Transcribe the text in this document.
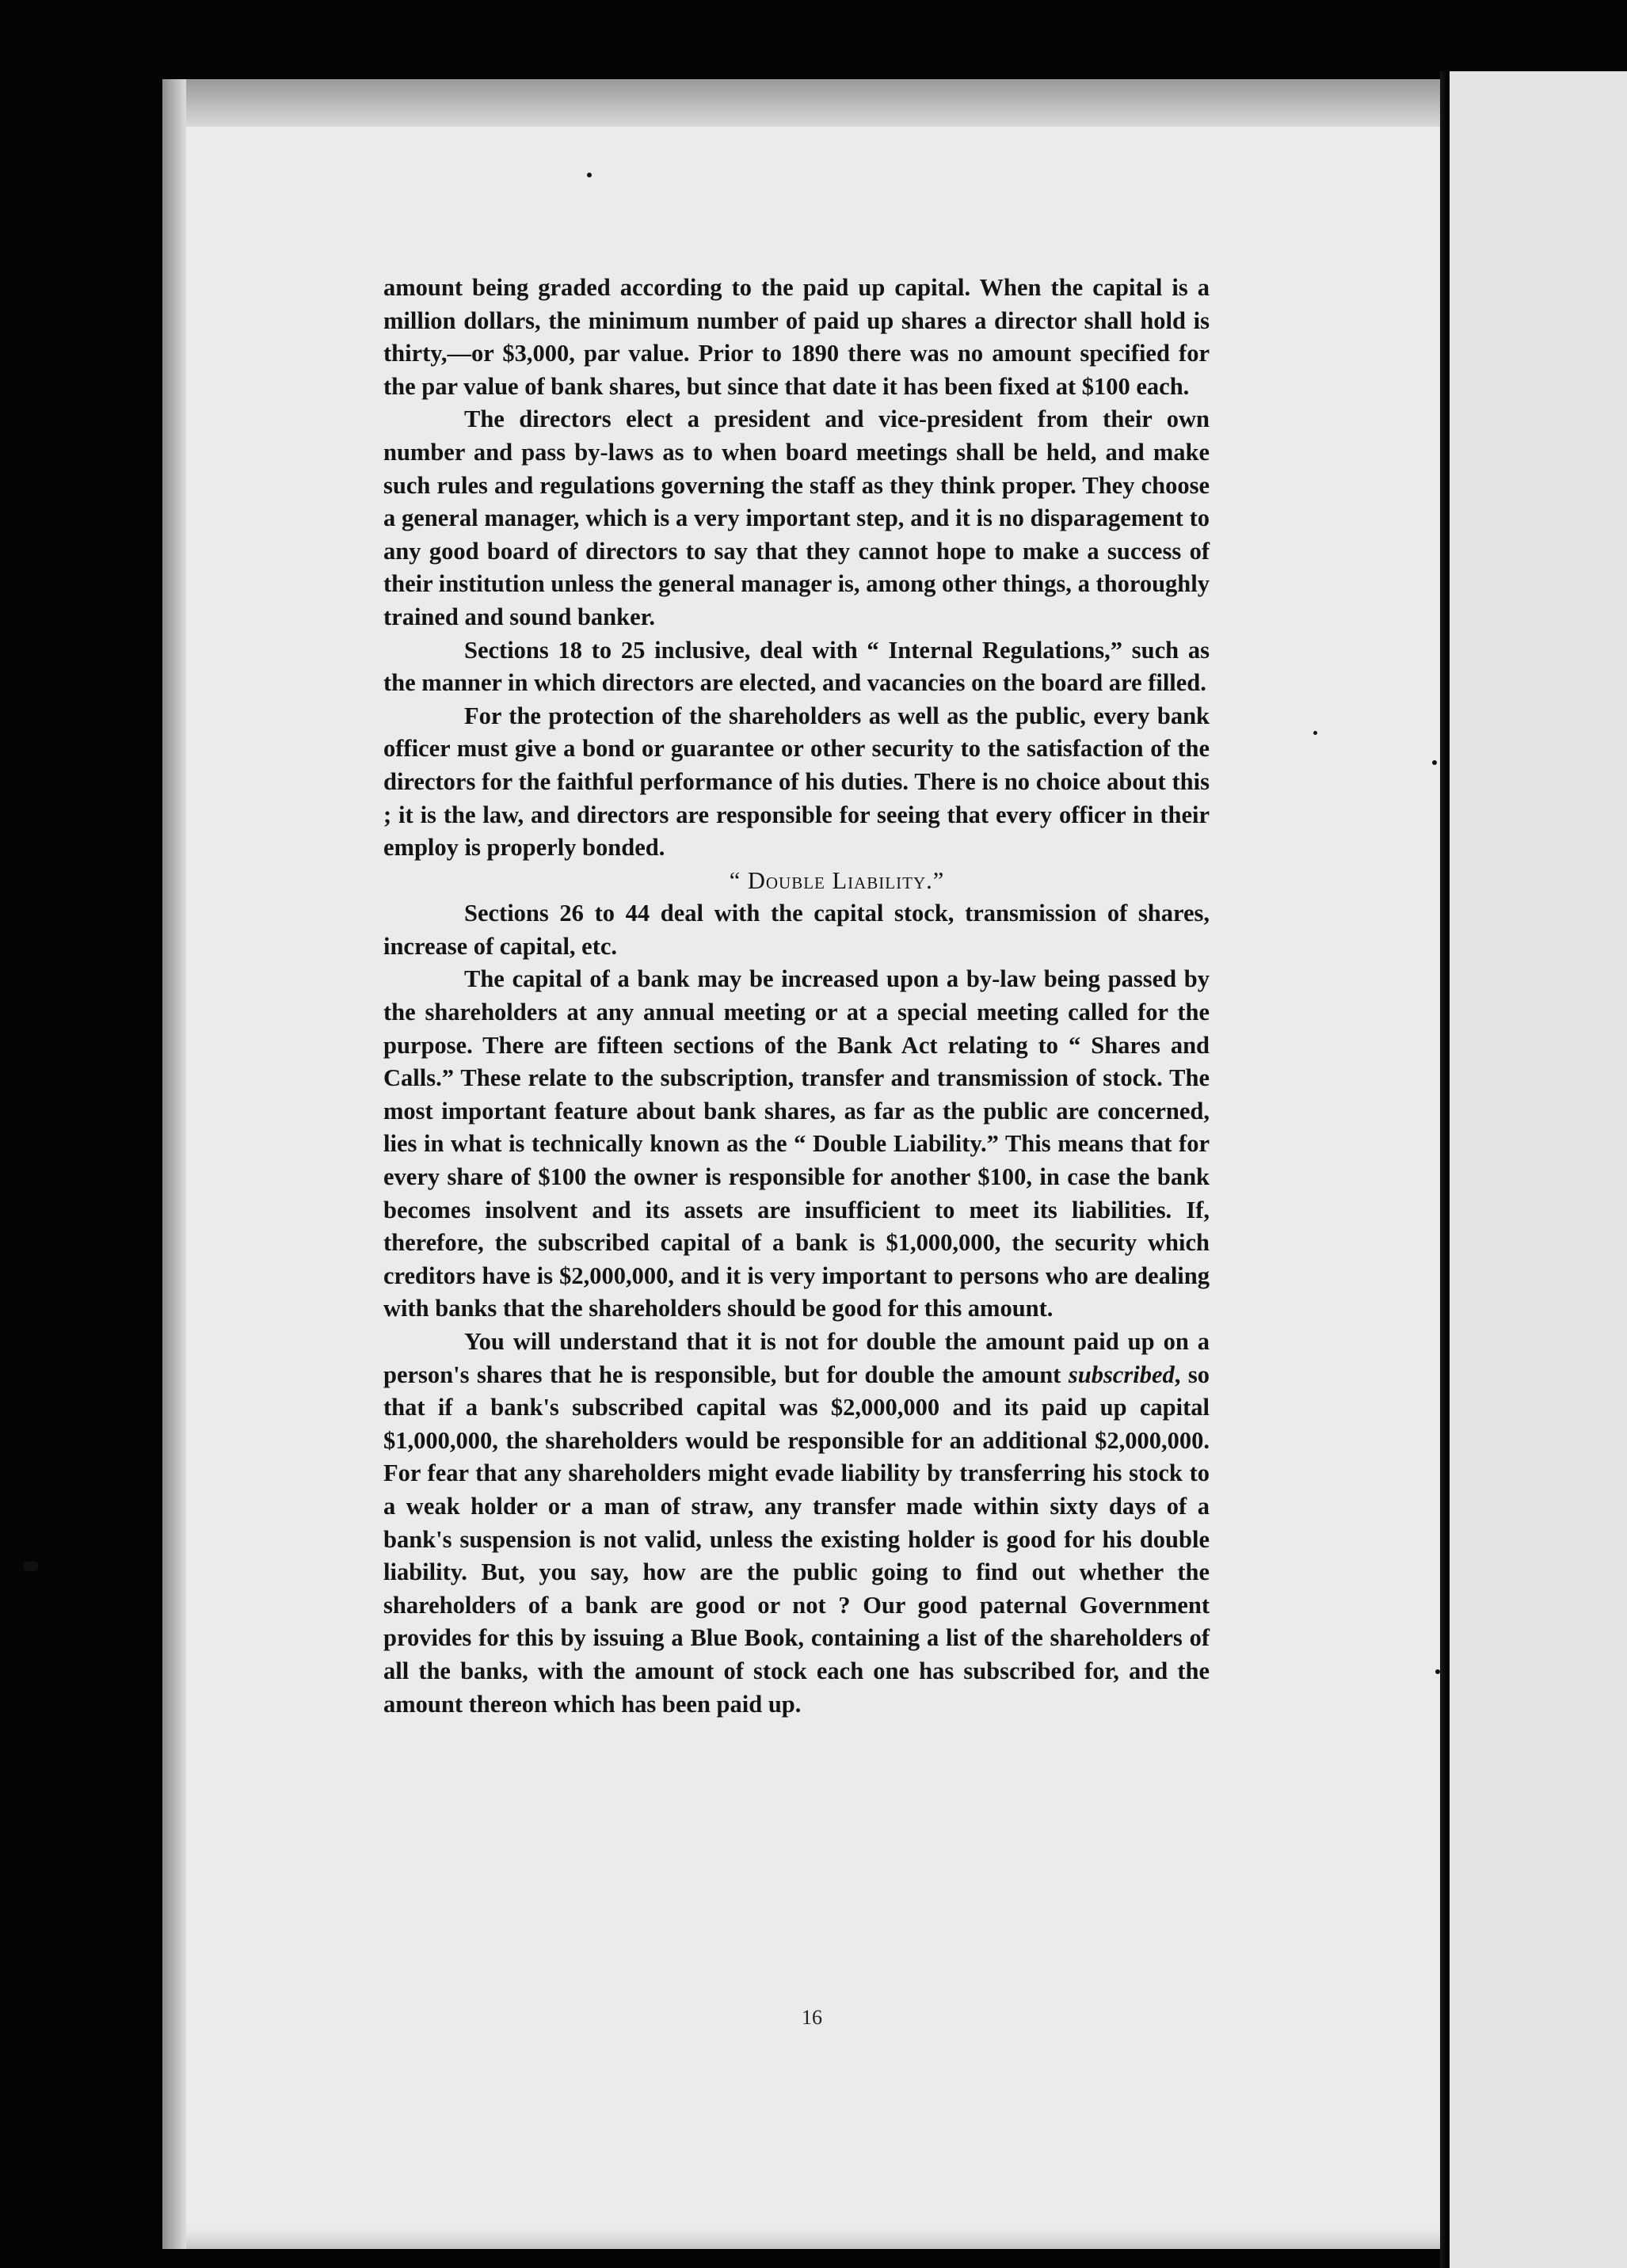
amount being graded according to the paid up capital. When the capital is a million dollars, the minimum number of paid up shares a director shall hold is thirty,—or $3,000, par value. Prior to 1890 there was no amount specified for the par value of bank shares, but since that date it has been fixed at $100 each.

The directors elect a president and vice-president from their own number and pass by-laws as to when board meetings shall be held, and make such rules and regulations governing the staff as they think proper. They choose a general manager, which is a very important step, and it is no disparagement to any good board of directors to say that they cannot hope to make a success of their institution unless the general manager is, among other things, a thoroughly trained and sound banker.

Sections 18 to 25 inclusive, deal with “ Internal Regulations,” such as the manner in which directors are elected, and vacancies on the board are filled.

For the protection of the shareholders as well as the public, every bank officer must give a bond or guarantee or other security to the satisfaction of the directors for the faithful performance of his duties. There is no choice about this ; it is the law, and directors are responsible for seeing that every officer in their employ is properly bonded.

“ Double Liability.”

Sections 26 to 44 deal with the capital stock, transmission of shares, increase of capital, etc.

The capital of a bank may be increased upon a by-law being passed by the shareholders at any annual meeting or at a special meeting called for the purpose. There are fifteen sections of the Bank Act relating to “ Shares and Calls.” These relate to the subscription, transfer and transmission of stock. The most important feature about bank shares, as far as the public are concerned, lies in what is technically known as the “ Double Liability.” This means that for every share of $100 the owner is responsible for another $100, in case the bank becomes insolvent and its assets are insufficient to meet its liabilities. If, therefore, the subscribed capital of a bank is $1,000,000, the security which creditors have is $2,000,000, and it is very important to persons who are dealing with banks that the shareholders should be good for this amount.

You will understand that it is not for double the amount paid up on a person's shares that he is responsible, but for double the amount subscribed, so that if a bank's subscribed capital was $2,000,000 and its paid up capital $1,000,000, the shareholders would be responsible for an additional $2,000,000. For fear that any shareholders might evade liability by transferring his stock to a weak holder or a man of straw, any transfer made within sixty days of a bank's suspension is not valid, unless the existing holder is good for his double liability. But, you say, how are the public going to find out whether the shareholders of a bank are good or not ? Our good paternal Government provides for this by issuing a Blue Book, containing a list of the shareholders of all the banks, with the amount of stock each one has subscribed for, and the amount thereon which has been paid up.

16
